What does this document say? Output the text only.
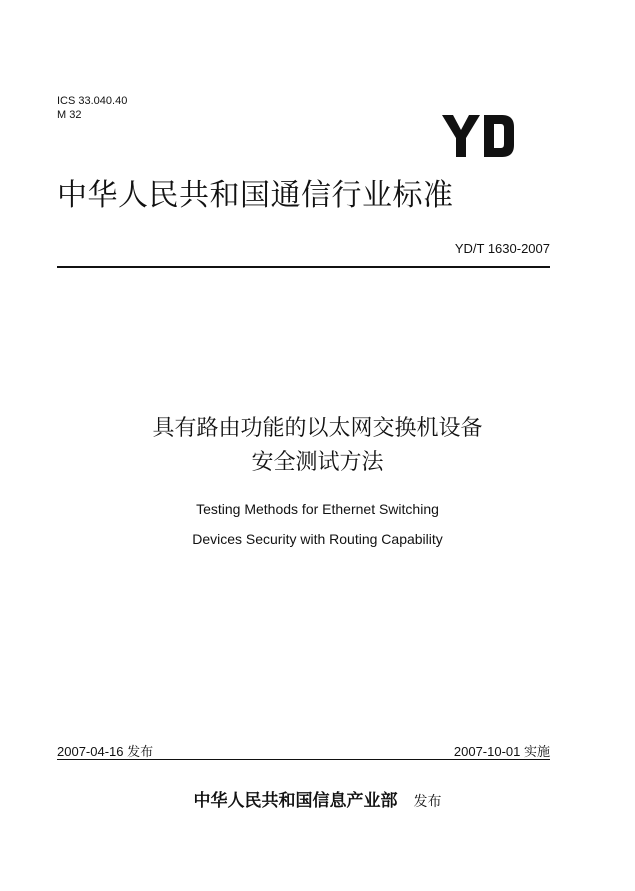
ICS 33.040.40
M 32
中华人民共和国通信行业标准
YD/T 1630-2007
具有路由功能的以太网交换机设备
安全测试方法
Testing Methods for Ethernet Switching
Devices Security with Routing Capability
2007-04-16 发布	2007-10-01 实施
中华人民共和国信息产业部 发布
